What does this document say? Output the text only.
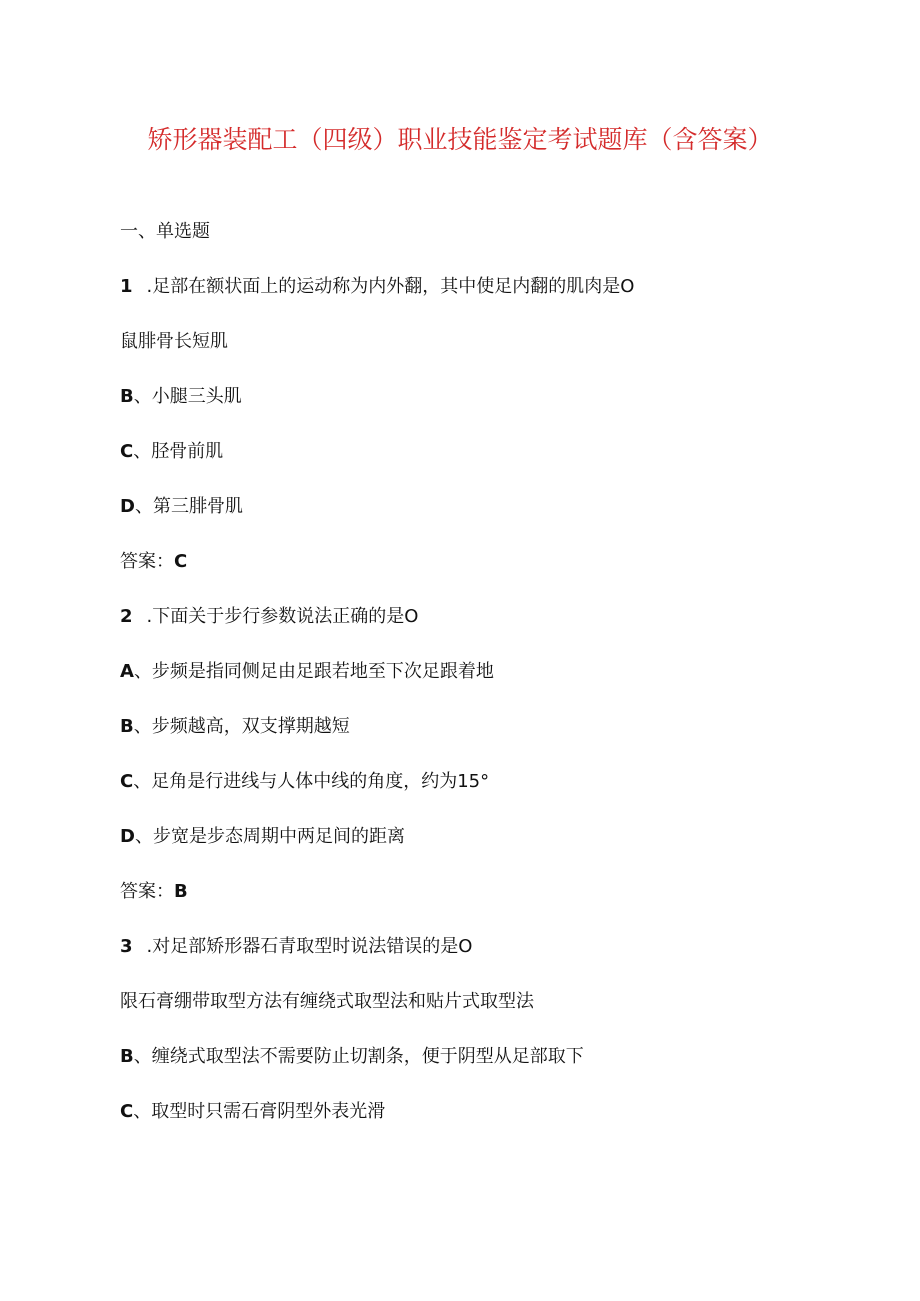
矫形器装配工（四级）职业技能鉴定考试题库（含答案）
一、单选题
1 .足部在额状面上的运动称为内外翻，其中使足内翻的肌肉是O
鼠腓骨长短肌
B、小腿三头肌
C、胫骨前肌
D、第三腓骨肌
答案：C
2 .下面关于步行参数说法正确的是O
A、步频是指同侧足由足跟若地至下次足跟着地
B、步频越高，双支撑期越短
C、足角是行进线与人体中线的角度，约为15°
D、步宽是步态周期中两足间的距离
答案：B
3 .对足部矫形器石青取型时说法错误的是O
限石膏绷带取型方法有缠绕式取型法和贴片式取型法
B、缠绕式取型法不需要防止切割条，便于阴型从足部取下
C、取型时只需石膏阴型外表光滑
